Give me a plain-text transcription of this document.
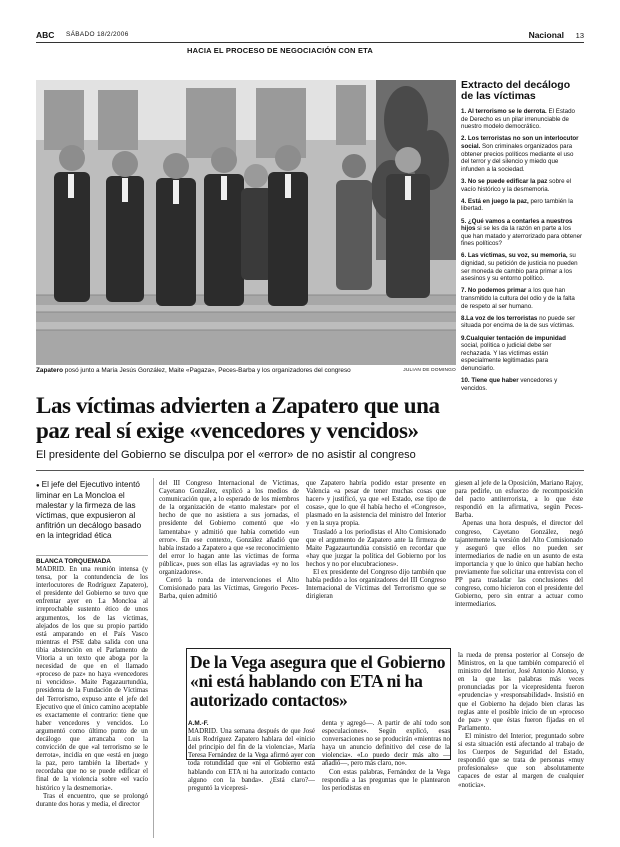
ABC SÁBADO 18/2/2006	Nacional 13
HACIA EL PROCESO DE NEGOCIACIÓN CON ETA
Zapatero posó junto a María Jesús González, Maite «Pagaza», Peces-Barba y los organizadores del congreso	JULIAN DE DOMINGO
Extracto del decálogo de las víctimas
1. Al terrorismo se le derrota. El Estado de Derecho es un pilar irrenunciable de nuestro modelo democrático.
2. Los terroristas no son un interlocutor social. Son criminales organizados para obtener precios políticos mediante el uso del terror y del silencio y miedo que infunden a la sociedad.
3. No se puede edificar la paz sobre el vacío histórico y la desmemoria.
4. Está en juego la paz, pero también la libertad.
5. ¿Qué vamos a contarles a nuestros hijos si se les da la razón en parte a los que han matado y aterrorizado para obtener fines políticos?
6. Las víctimas, su voz, su memoria, su dignidad, su petición de justicia no pueden ser moneda de cambio para primar a los asesinos y su entorno político.
7. No podemos primar a los que han transmitido la cultura del odio y de la falta de respeto al ser humano.
8.La voz de los terroristas no puede ser situada por encima de la de sus víctimas.
9.Cualquier tentación de impunidad social, política o judicial debe ser rechazada. Y las víctimas están especialmente legitimadas para denunciarlo.
10. Tiene que haber vencedores y vencidos.
Las víctimas advierten a Zapatero que una paz real sí exige «vencedores y vencidos»
El presidente del Gobierno se disculpa por el «error» de no asistir al congreso
● El jefe del Ejecutivo intentó liminar en La Moncloa el malestar y la firmeza de las víctimas, que expusieron al anfitrión un decálogo basado en la integridad ética
BLANCA TORQUEMADA

MADRID. En una reunión intensa (y tensa, por la contundencia de los interlocutores de Rodríguez Zapatero), el presidente del Gobierno se tuvo que enfrentar ayer en La Moncloa al irreprochable sustento ético de unos argumentos, los de las víctimas, alejados de los que su propio partido está amparando en el País Vasco mientras el PSE daba salida con una tibia abstención en el Parlamento de Vitoria a un texto que aboga por la necesidad de que en el llamado «proceso de paz» no haya «vencedores ni vencidos». Maite Pagazaurtundúa, presidenta de la Fundación de Víctimas del Terrorismo, expuso ante el jefe del Ejecutivo que el único camino aceptable es exactamente el contrario: tiene que haber vencedores y vencidos. Lo argumentó como último punto de un decálogo que arrancaba con la convicción de que «al terrorismo se le derrota», incidía en que «está en juego la paz, pero también la libertad» y recordaba que no se puede edificar el final de la violencia sobre «el vacío histórico y la desmemoria».

Tras el encuentro, que se prolongó durante dos horas y media, el director

del III Congreso Internacional de Víctimas, Cayetano González, explicó a los medios de comunicación que, a lo esperado de los miembros de la organización de «tanto malestar» por el hecho de que no asistiera a sus jornadas, el presidente del Gobierno comentó que «lo lamentaba» y admitió que había cometido «un error». En ese contexto, González añadió que había instado a Zapatero a que «se reconocimiento del error lo hagan ante las víctimas de forma pública», pues son ellas las agraviadas «y no los organizadores».

Cerró la ronda de intervenciones el Alto Comisionado para las Víctimas, Gregorio Peces-Barba, quien admitió

que Zapatero habría podido estar presente en Valencia «a pesar de tener muchas cosas que hacer» y justificó, ya que «el Estado, ese tipo de cosas», que lo que él había hecho el «Congreso», plasmado en la asistencia del ministro del Interior y en la suya propia.

Trasladó a los periodistas el Alto Comisionado que el argumento de Zapatero ante la firmeza de Maite Pagazaurtundúa consistió en recordar que «hay que juzgar la política del Gobierno por los hechos y no por elucubraciones».

El ex presidente del Congreso dijo también que había pedido a los organizadores del III Congreso Internacional de Víctimas del Terrorismo que se dirigieran

giesen al jefe de la Oposición, Mariano Rajoy, para pedirle, un esfuerzo de recomposición del pacto antiterrorista, a lo que éste respondió en la afirmativa, según Peces-Barba.

Apenas una hora después, el director del congreso, Cayetano González, negó tajantemente la versión del Alto Comisionado y aseguró que ellos no pueden ser intermediarios de nadie en un asunto de esta importancia y que lo único que habían hecho previamente fue solicitar una entrevista con el PP para trasladar las conclusiones del congreso, como hicieron con el presidente del Gobierno, pero sin entrar a actuar como intermediarios.

De la Vega asegura que el Gobierno «ni está hablando con ETA ni ha autorizado contactos»

A.M.-F.

MADRID. Una semana después de que José Luis Rodríguez Zapatero hablara del «inicio del principio del fin de la violencia», María Teresa Fernández de la Vega afirmó ayer con toda rotundidad que «ni el Gobierno está hablando con ETA ni ha autorizado contacto alguno con la banda». ¿Está claro?—preguntó la vicepresi-

denta y agregó—. A partir de ahí todo son especulaciones». Según explicó, esas conversaciones no se producirán «mientras no haya un anuncio definitivo del cese de la violencia». «Lo puedo decir más alto —añadió—, pero más claro, no».

Con estas palabras, Fernández de la Vega respondía a las preguntas que le plantearon los periodistas en

la rueda de prensa posterior al Consejo de Ministros, en la que también compareció el ministro del Interior, José Antonio Alonso, y en la que las palabras más veces pronunciadas por la vicepresidenta fueron «prudencia» y «responsabilidad». Insistió en que el Gobierno ha dejado bien claras las reglas ante el posible inicio de un «proceso de paz» y que éstas fueron fijadas en el Parlamento.

El ministro del Interior, preguntado sobre si esta situación está afectando al trabajo de los Cuerpos de Seguridad del Estado, respondió que se trata de personas «muy profesionales» que son absolutamente capaces de estar al margen de cualquier «noticia».
